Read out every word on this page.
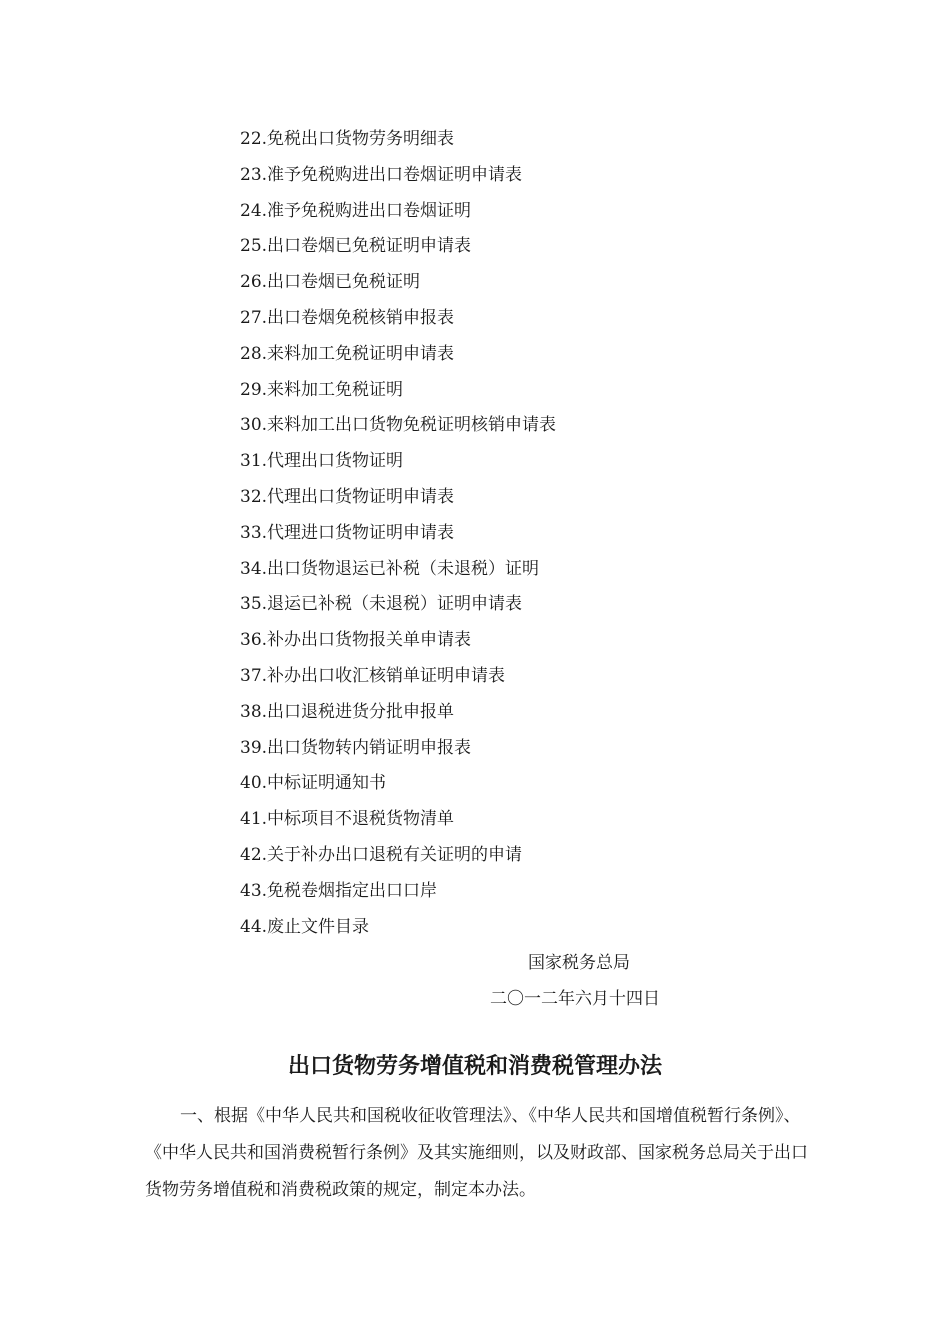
22.免税出口货物劳务明细表
23.准予免税购进出口卷烟证明申请表
24.准予免税购进出口卷烟证明
25.出口卷烟已免税证明申请表
26.出口卷烟已免税证明
27.出口卷烟免税核销申报表
28.来料加工免税证明申请表
29.来料加工免税证明
30.来料加工出口货物免税证明核销申请表
31.代理出口货物证明
32.代理出口货物证明申请表
33.代理进口货物证明申请表
34.出口货物退运已补税（未退税）证明
35.退运已补税（未退税）证明申请表
36.补办出口货物报关单申请表
37.补办出口收汇核销单证明申请表
38.出口退税进货分批申报单
39.出口货物转内销证明申报表
40.中标证明通知书
41.中标项目不退税货物清单
42.关于补办出口退税有关证明的申请
43.免税卷烟指定出口口岸
44.废止文件目录
国家税务总局
二〇一二年六月十四日
出口货物劳务增值税和消费税管理办法

一、根据《中华人民共和国税收征收管理法》、《中华人民共和国增值税暂行条例》、《中华人民共和国消费税暂行条例》及其实施细则，以及财政部、国家税务总局关于出口货物劳务增值税和消费税政策的规定，制定本办法。
